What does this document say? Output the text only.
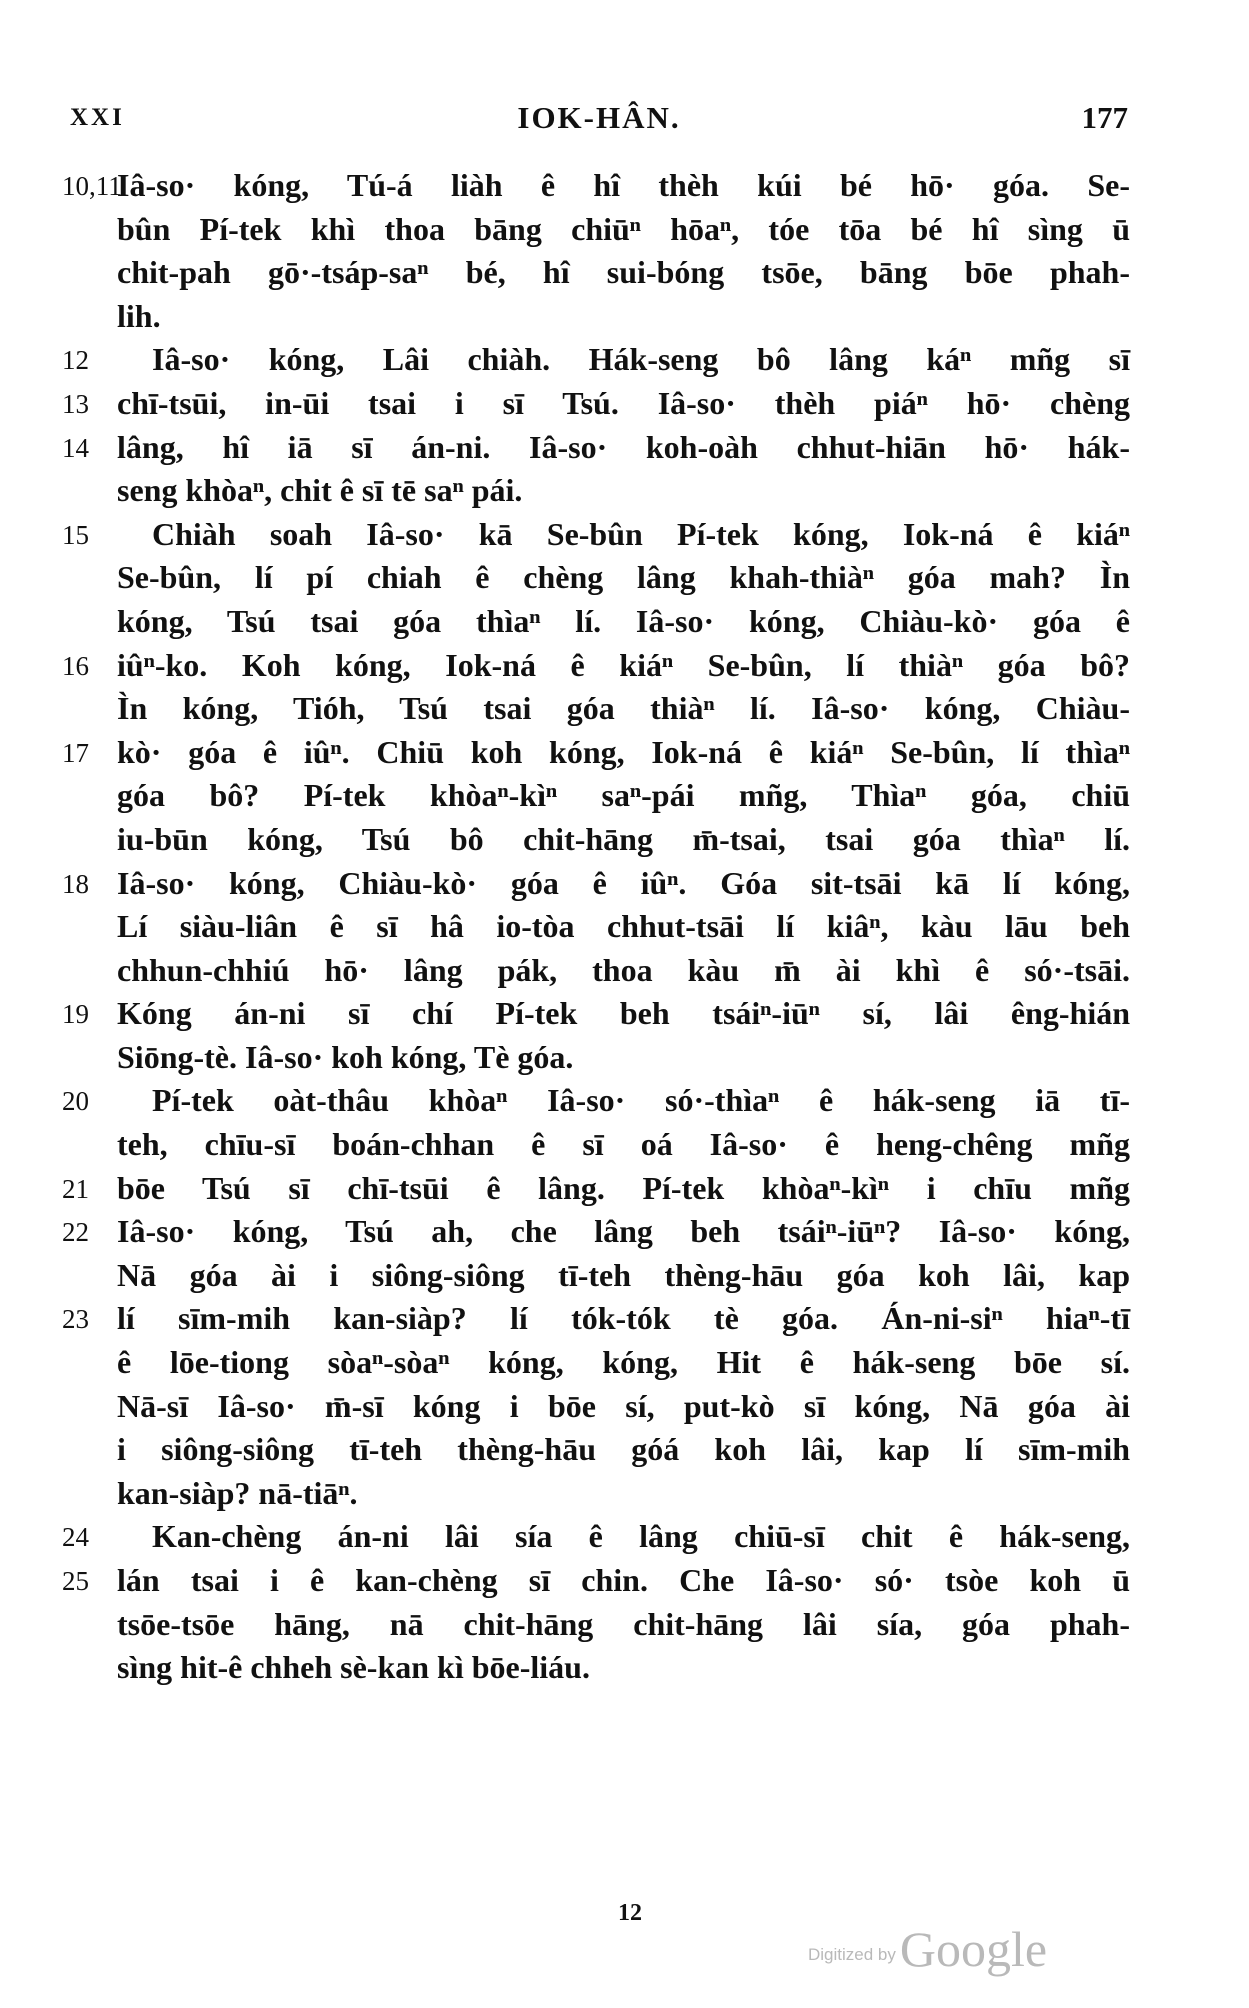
XXI	IOK-HÂN.	177
10,11
Iâ-so· kóng, Tú-á liàh ê hî thèh kúi bé hō· góa. Se-
bûn Pí-tek khì thoa bāng chiūⁿ hōaⁿ, tóe tōa bé hî sìng ū
chit-pah gō·-tsáp-saⁿ bé, hî sui-bóng tsōe, bāng bōe phah-
lih.
12 Iâ-so· kóng, Lâi chiàh. Hák-seng bô lâng káⁿ mñg sī
13 chī-tsūi, in-ūi tsai i sī Tsú. Iâ-so· thèh piáⁿ hō· chèng
14 lâng, hî iā sī án-ni. Iâ-so· koh-oàh chhut-hiān hō· hák-
seng khòaⁿ, chit ê sī tē saⁿ pái.
15 Chiàh soah Iâ-so· kā Se-bûn Pí-tek kóng, Iok-ná ê kiáⁿ
Se-bûn, lí pí chiah ê chèng lâng khah-thiàⁿ góa mah? Ìn
kóng, Tsú tsai góa thìaⁿ lí. Iâ-so· kóng, Chiàu-kò· góa ê
16 iûⁿ-ko. Koh kóng, Iok-ná ê kiáⁿ Se-bûn, lí thiàⁿ góa bô?
Ìn kóng, Tióh, Tsú tsai góa thiàⁿ lí. Iâ-so· kóng, Chiàu-
17 kò· góa ê iûⁿ. Chiū koh kóng, Iok-ná ê kiáⁿ Se-bûn, lí thìaⁿ
góa bô? Pí-tek khòaⁿ-kìⁿ saⁿ-pái mñg, Thìaⁿ góa, chiū
iu-būn kóng, Tsú bô chit-hāng m̄-tsai, tsai góa thìaⁿ lí.
18 Iâ-so· kóng, Chiàu-kò· góa ê iûⁿ. Góa sit-tsāi kā lí kóng,
Lí siàu-liân ê sī hâ io-tòa chhut-tsāi lí kiâⁿ, kàu lāu beh
chhun-chhiú hō· lâng pák, thoa kàu m̄ ài khì ê só·-tsāi.
19 Kóng án-ni sī chí Pí-tek beh tsáiⁿ-iūⁿ sí, lâi êng-hián
Siōng-tè. Iâ-so· koh kóng, Tè góa.
20 Pí-tek oàt-thâu khòaⁿ Iâ-so· só·-thìaⁿ ê hák-seng iā tī-
teh, chīu-sī boán-chhan ê sī oá Iâ-so· ê heng-chêng mñg
21 bōe Tsú sī chī-tsūi ê lâng. Pí-tek khòaⁿ-kìⁿ i chīu mñg
22 Iâ-so· kóng, Tsú ah, che lâng beh tsáiⁿ-iūⁿ? Iâ-so· kóng,
Nā góa ài i siông-siông tī-teh thèng-hāu góa koh lâi, kap
23 lí sīm-mih kan-siàp? lí tók-tók tè góa. Án-ni-siⁿ hiaⁿ-tī
ê lōe-tiong sòaⁿ-sòaⁿ kóng, kóng, Hit ê hák-seng bōe sí.
Nā-sī Iâ-so· m̄-sī kóng i bōe sí, put-kò sī kóng, Nā góa ài
i siông-siông tī-teh thèng-hāu góá koh lâi, kap lí sīm-mih
kan-siàp? nā-tiāⁿ.
24 Kan-chèng án-ni lâi sía ê lâng chiū-sī chit ê hák-seng,
25 lán tsai i ê kan-chèng sī chin. Che Iâ-so· só· tsòe koh ū
tsōe-tsōe hāng, nā chit-hāng chit-hāng lâi sía, góa phah-
sìng hit-ê chheh sè-kan kì bōe-liáu.
12
Digitized byGoogle
